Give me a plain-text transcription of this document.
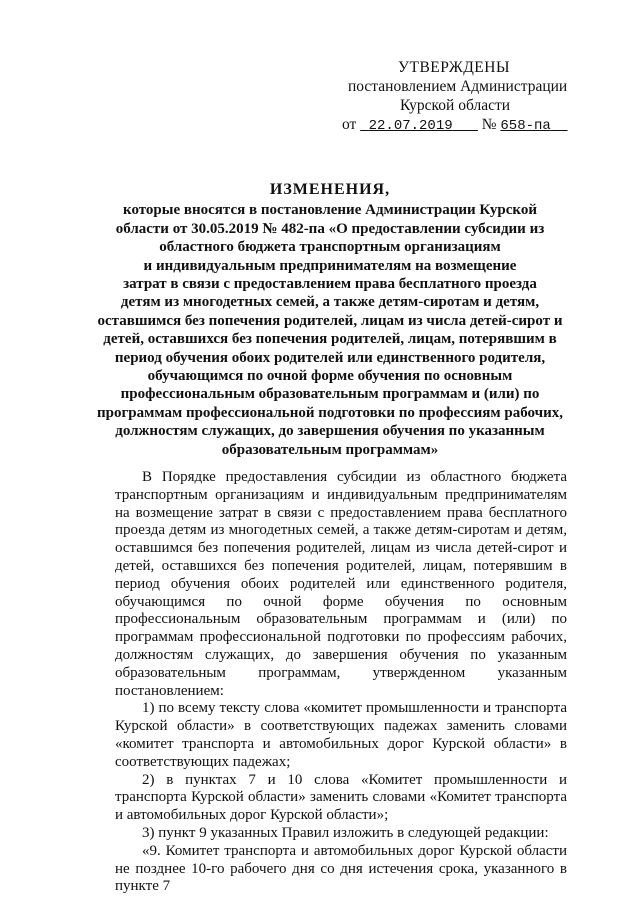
УТВЕРЖДЕНЫ
постановлением Администрации
Курской области
от 22.07.2019 № 658-па
ИЗМЕНЕНИЯ,
которые вносятся в постановление Администрации Курской
области от 30.05.2019 № 482-па «О предоставлении субсидии из
областного бюджета транспортным организациям
и индивидуальным предпринимателям на возмещение
затрат в связи с предоставлением права бесплатного проезда
детям из многодетных семей, а также детям-сиротам и детям,
оставшимся без попечения родителей, лицам из числа детей-сирот и
детей, оставшихся без попечения родителей, лицам, потерявшим в
период обучения обоих родителей или единственного родителя,
обучающимся по очной форме обучения по основным
профессиональным образовательным программам и (или) по
программам профессиональной подготовки по профессиям рабочих,
должностям служащих, до завершения обучения по указанным
образовательным программам»

В Порядке предоставления субсидии из областного бюджета транспортным организациям и индивидуальным предпринимателям на возмещение затрат в связи с предоставлением права бесплатного проезда детям из многодетных семей, а также детям-сиротам и детям, оставшимся без попечения родителей, лицам из числа детей-сирот и детей, оставшихся без попечения родителей, лицам, потерявшим в период обучения обоих родителей или единственного родителя, обучающимся по очной форме обучения по основным профессиональным образовательным программам и (или) по программам профессиональной подготовки по профессиям рабочих, должностям служащих, до завершения обучения по указанным образовательным программам, утвержденном указанным постановлением:

1) по всему тексту слова «комитет промышленности и транспорта Курской области» в соответствующих падежах заменить словами «комитет транспорта и автомобильных дорог Курской области» в соответствующих падежах;

2) в пунктах 7 и 10 слова «Комитет промышленности и транспорта Курской области» заменить словами «Комитет транспорта и автомобильных дорог Курской области»;

3) пункт 9 указанных Правил изложить в следующей редакции:

«9. Комитет транспорта и автомобильных дорог Курской области не позднее 10-го рабочего дня со дня истечения срока, указанного в пункте 7
